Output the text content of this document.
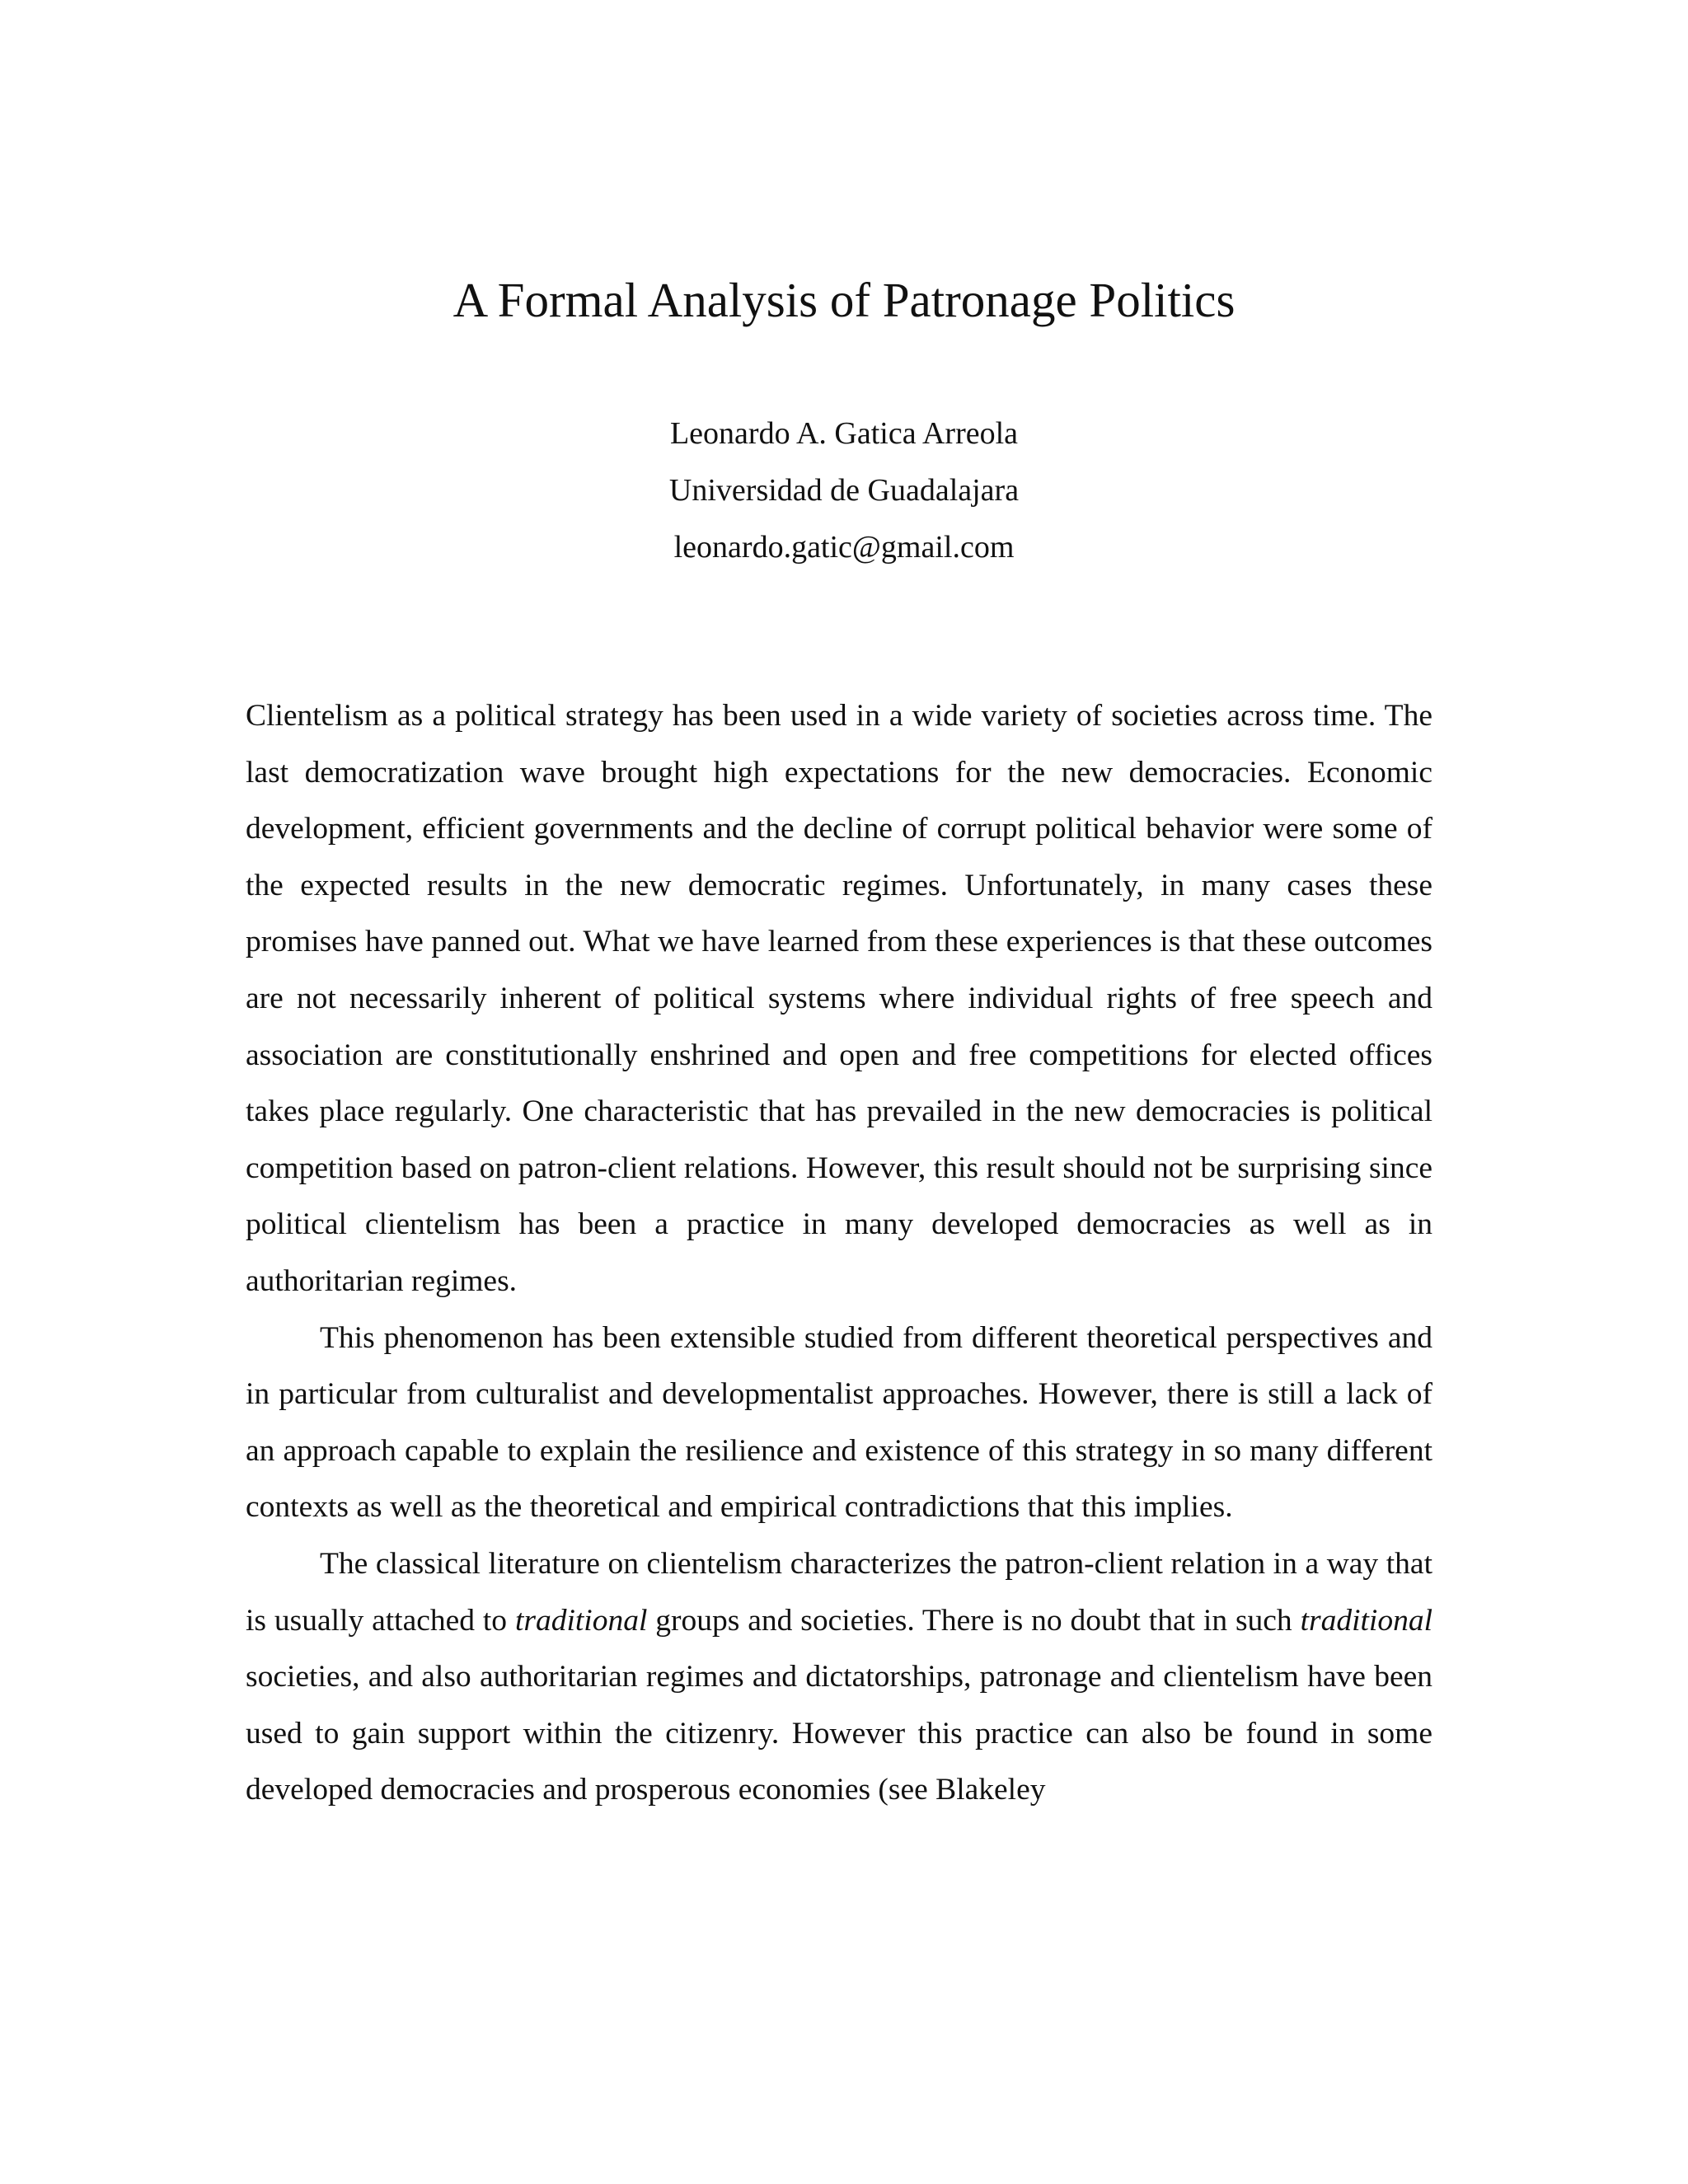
A Formal Analysis of Patronage Politics
Leonardo A. Gatica Arreola
Universidad de Guadalajara
leonardo.gatic@gmail.com

Clientelism as a political strategy has been used in a wide variety of societies across time. The last democratization wave brought high expectations for the new democracies. Economic development, efficient governments and the decline of corrupt political behavior were some of the expected results in the new democratic regimes. Unfortunately, in many cases these promises have panned out. What we have learned from these experiences is that these outcomes are not necessarily inherent of political systems where individual rights of free speech and association are constitutionally enshrined and open and free competitions for elected offices takes place regularly. One characteristic that has prevailed in the new democracies is political competition based on patron-client relations. However, this result should not be surprising since political clientelism has been a practice in many developed democracies as well as in authoritarian regimes.

This phenomenon has been extensible studied from different theoretical perspectives and in particular from culturalist and developmentalist approaches. However, there is still a lack of an approach capable to explain the resilience and existence of this strategy in so many different contexts as well as the theoretical and empirical contradictions that this implies.

The classical literature on clientelism characterizes the patron-client relation in a way that is usually attached to traditional groups and societies. There is no doubt that in such traditional societies, and also authoritarian regimes and dictatorships, patronage and clientelism have been used to gain support within the citizenry. However this practice can also be found in some developed democracies and prosperous economies (see Blakeley
